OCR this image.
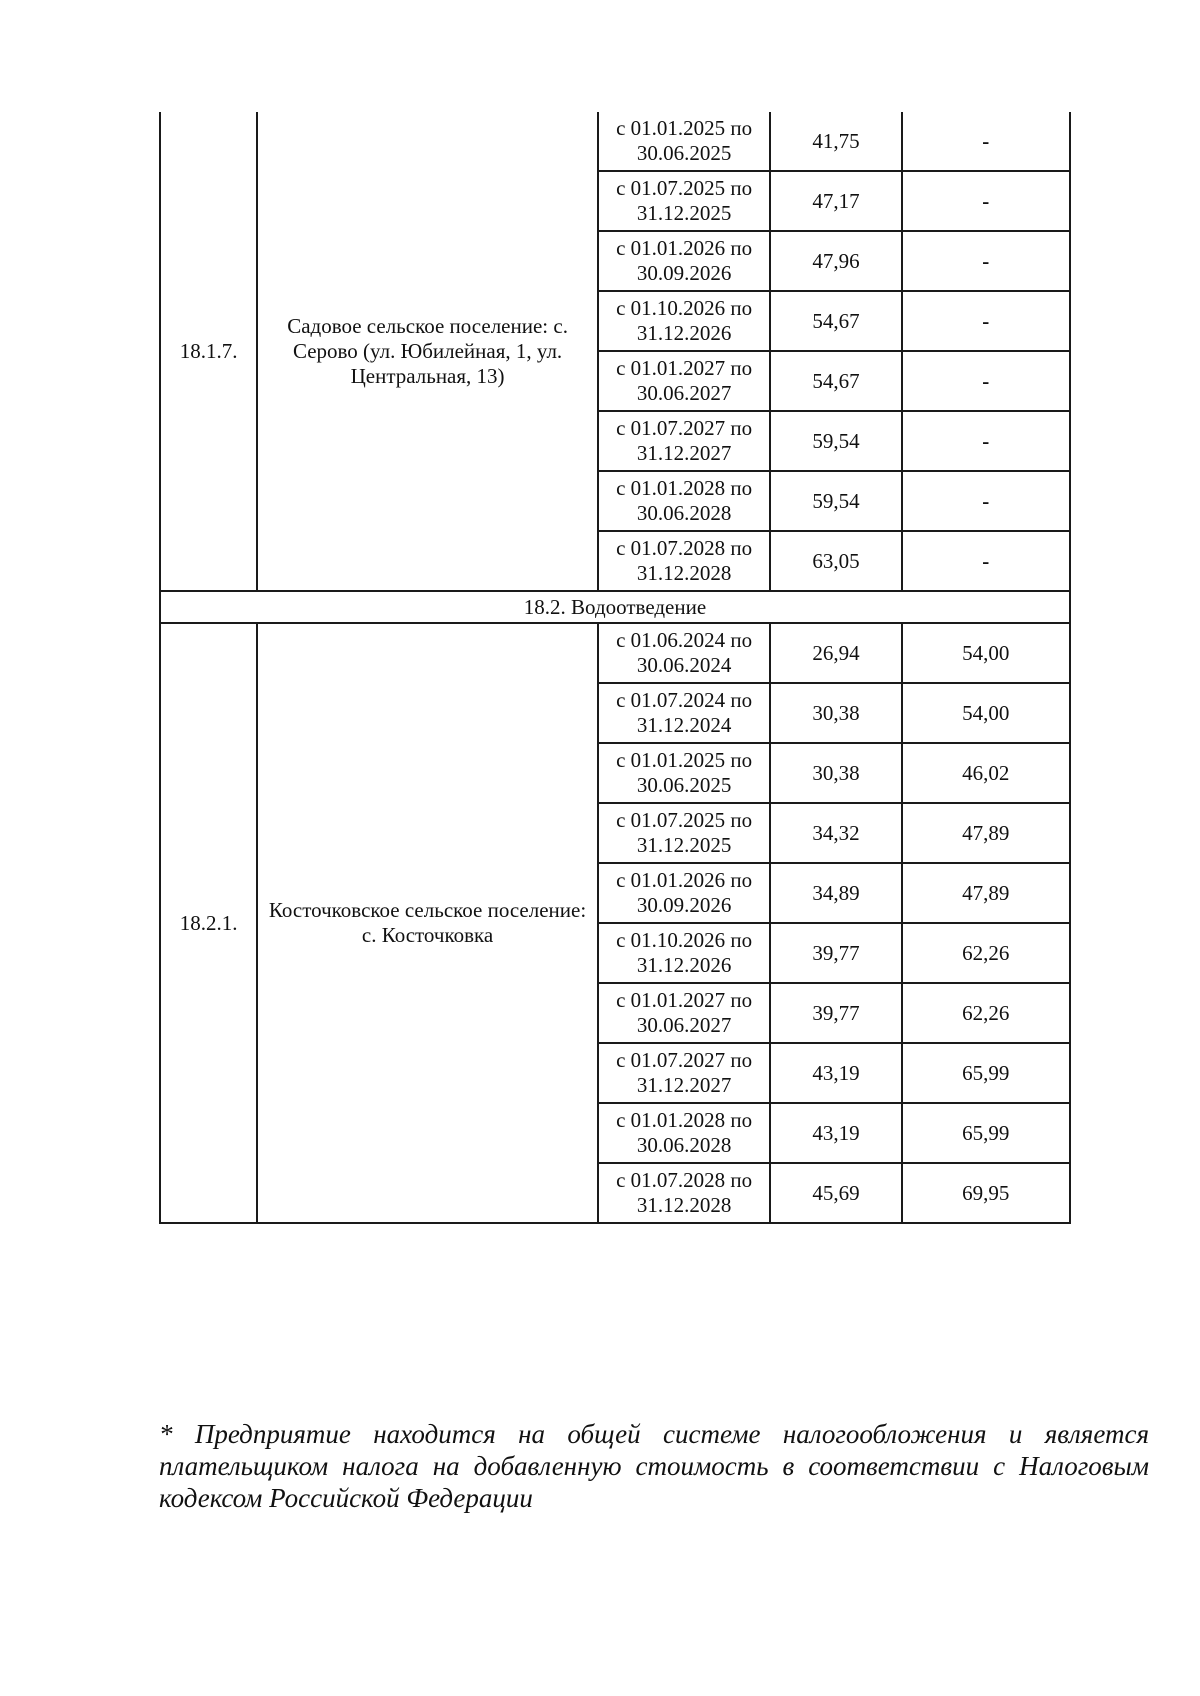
18.1.7.	Садовое сельское поселение: с. Серово (ул. Юбилейная, 1, ул. Центральная, 13)	с 01.01.2025 по
30.06.2025	41,75	-

		с 01.07.2025 по
31.12.2025	47,17	-

		с 01.01.2026 по
30.09.2026	47,96	-

		с 01.10.2026 по
31.12.2026	54,67	-

		с 01.01.2027 по
30.06.2027	54,67	-

		с 01.07.2027 по
31.12.2027	59,54	-

		с 01.01.2028 по
30.06.2028	59,54	-

		с 01.07.2028 по
31.12.2028	63,05	-
18.2. Водоотведение				
18.2.1.	Косточковское сельское поселение: с. Косточковка	с 01.06.2024 по
30.06.2024	26,94	54,00

		с 01.07.2024 по
31.12.2024	30,38	54,00

		с 01.01.2025 по
30.06.2025	30,38	46,02

		с 01.07.2025 по
31.12.2025	34,32	47,89

		с 01.01.2026 по
30.09.2026	34,89	47,89

		с 01.10.2026 по
31.12.2026	39,77	62,26

		с 01.01.2027 по
30.06.2027	39,77	62,26

		с 01.07.2027 по
31.12.2027	43,19	65,99

		с 01.01.2028 по
30.06.2028	43,19	65,99

		с 01.07.2028 по
31.12.2028	45,69	69,95
* Предприятие находится на общей системе налогообложения и является плательщиком налога на добавленную стоимость в соответствии с Налоговым кодексом Российской Федерации
